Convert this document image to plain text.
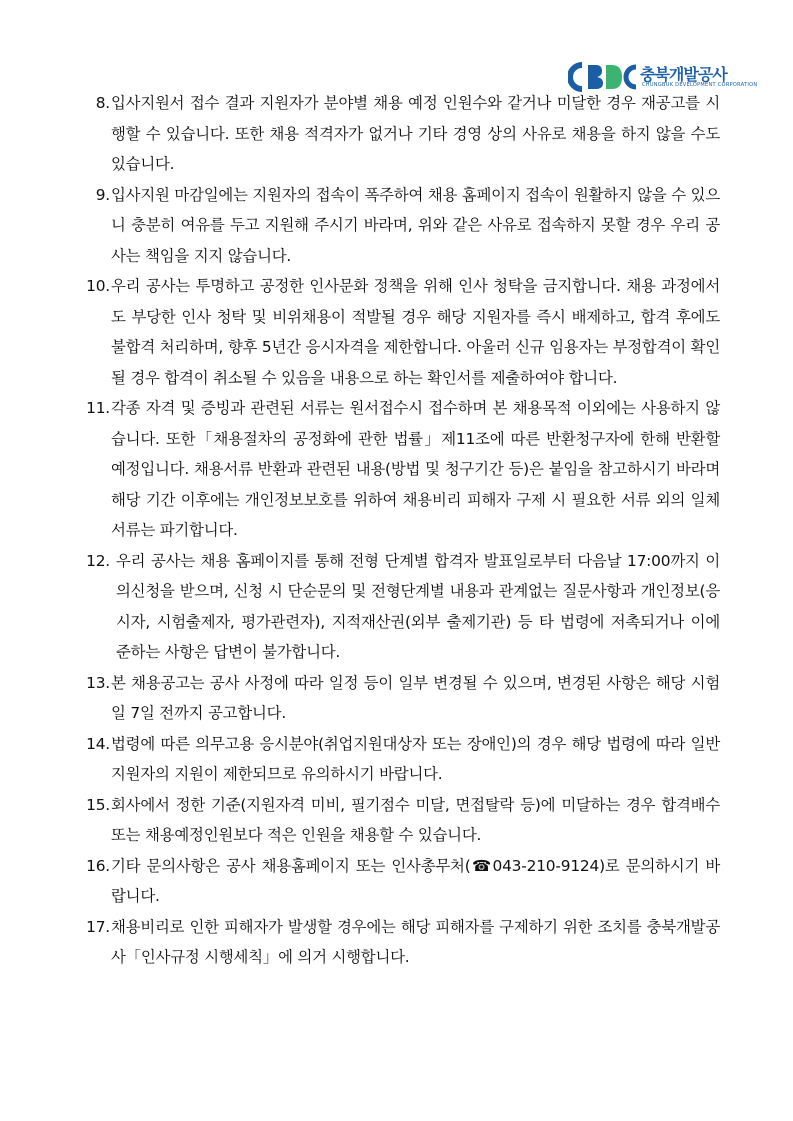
충북개발공사
CHUNGBUK DEVELOPMENT CORPORATION
8. 입사지원서 접수 결과 지원자가 분야별 채용 예정 인원수와 같거나 미달한 경우 재공고를 시행할 수 있습니다. 또한 채용 적격자가 없거나 기타 경영 상의 사유로 채용을 하지 않을 수도 있습니다.
9. 입사지원 마감일에는 지원자의 접속이 폭주하여 채용 홈페이지 접속이 원활하지 않을 수 있으니 충분히 여유를 두고 지원해 주시기 바라며, 위와 같은 사유로 접속하지 못할 경우 우리 공사는 책임을 지지 않습니다.
10. 우리 공사는 투명하고 공정한 인사문화 정책을 위해 인사 청탁을 금지합니다. 채용 과정에서도 부당한 인사 청탁 및 비위채용이 적발될 경우 해당 지원자를 즉시 배제하고, 합격 후에도 불합격 처리하며, 향후 5년간 응시자격을 제한합니다. 아울러 신규 임용자는 부정합격이 확인될 경우 합격이 취소될 수 있음을 내용으로 하는 확인서를 제출하여야 합니다.
11. 각종 자격 및 증빙과 관련된 서류는 원서접수시 접수하며 본 채용목적 이외에는 사용하지 않습니다. 또한「채용절차의 공정화에 관한 법률」제11조에 따른 반환청구자에 한해 반환할 예정입니다. 채용서류 반환과 관련된 내용(방법 및 청구기간 등)은 붙임을 참고하시기 바라며 해당 기간 이후에는 개인정보보호를 위하여 채용비리 피해자 구제 시 필요한 서류 외의 일체 서류는 파기합니다.
12. 우리 공사는 채용 홈페이지를 통해 전형 단계별 합격자 발표일로부터 다음날 17:00까지 이의신청을 받으며, 신청 시 단순문의 및 전형단계별 내용과 관계없는 질문사항과 개인정보(응시자, 시험출제자, 평가관련자), 지적재산권(외부 출제기관) 등 타 법령에 저촉되거나 이에 준하는 사항은 답변이 불가합니다.
13. 본 채용공고는 공사 사정에 따라 일정 등이 일부 변경될 수 있으며, 변경된 사항은 해당 시험일 7일 전까지 공고합니다.
14. 법령에 따른 의무고용 응시분야(취업지원대상자 또는 장애인)의 경우 해당 법령에 따라 일반 지원자의 지원이 제한되므로 유의하시기 바랍니다.
15. 회사에서 정한 기준(지원자격 미비, 필기점수 미달, 면접탈락 등)에 미달하는 경우 합격배수 또는 채용예정인원보다 적은 인원을 채용할 수 있습니다.
16. 기타 문의사항은 공사 채용홈페이지 또는 인사총무처(☎043-210-9124)로 문의하시기 바랍니다.
17. 채용비리로 인한 피해자가 발생할 경우에는 해당 피해자를 구제하기 위한 조치를 충북개발공사「인사규정 시행세칙」에 의거 시행합니다.
